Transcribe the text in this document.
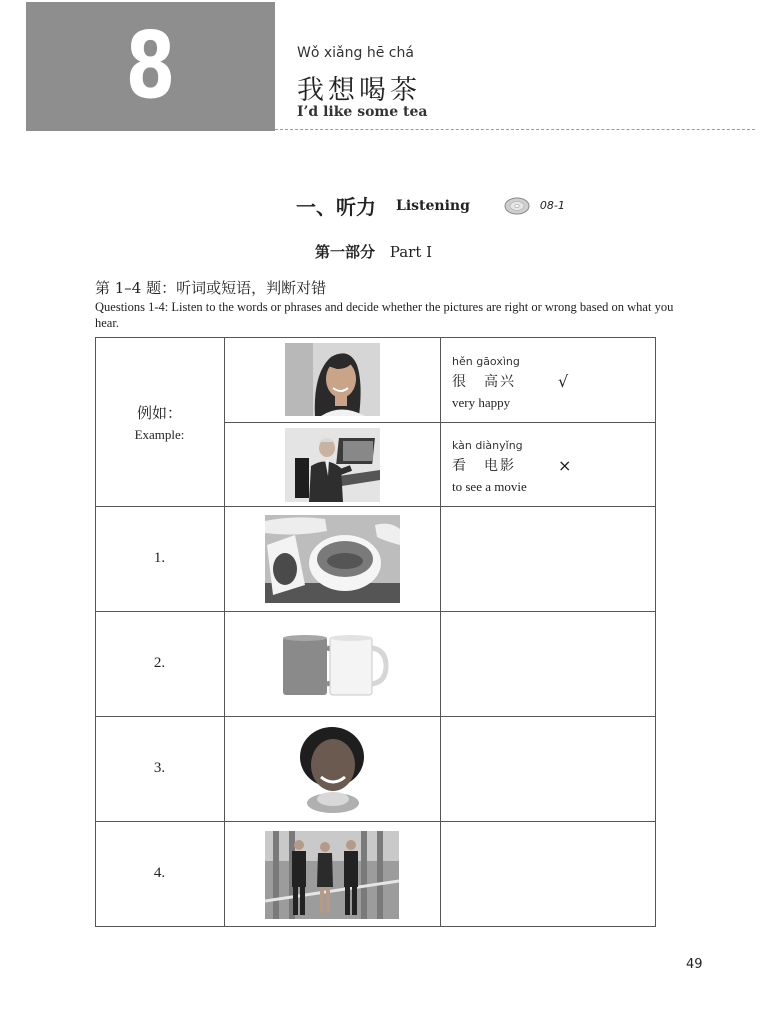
8	Wǒ xiǎng hē chá
我想喝茶
I’d like some tea
一、听力 Listening	08-1
第一部分 Part Ⅰ
第 1–4 题：听词或短语，判断对错
Questions 1-4: Listen to the words or phrases and decide whether the pictures are right or wrong based on what you hear.
例如：
Example:
hěn gāoxìng
很　高兴
very happy
√
kàn diànyǐng
看　电影
to see a movie
×
1.
2.
3.
4.
49
